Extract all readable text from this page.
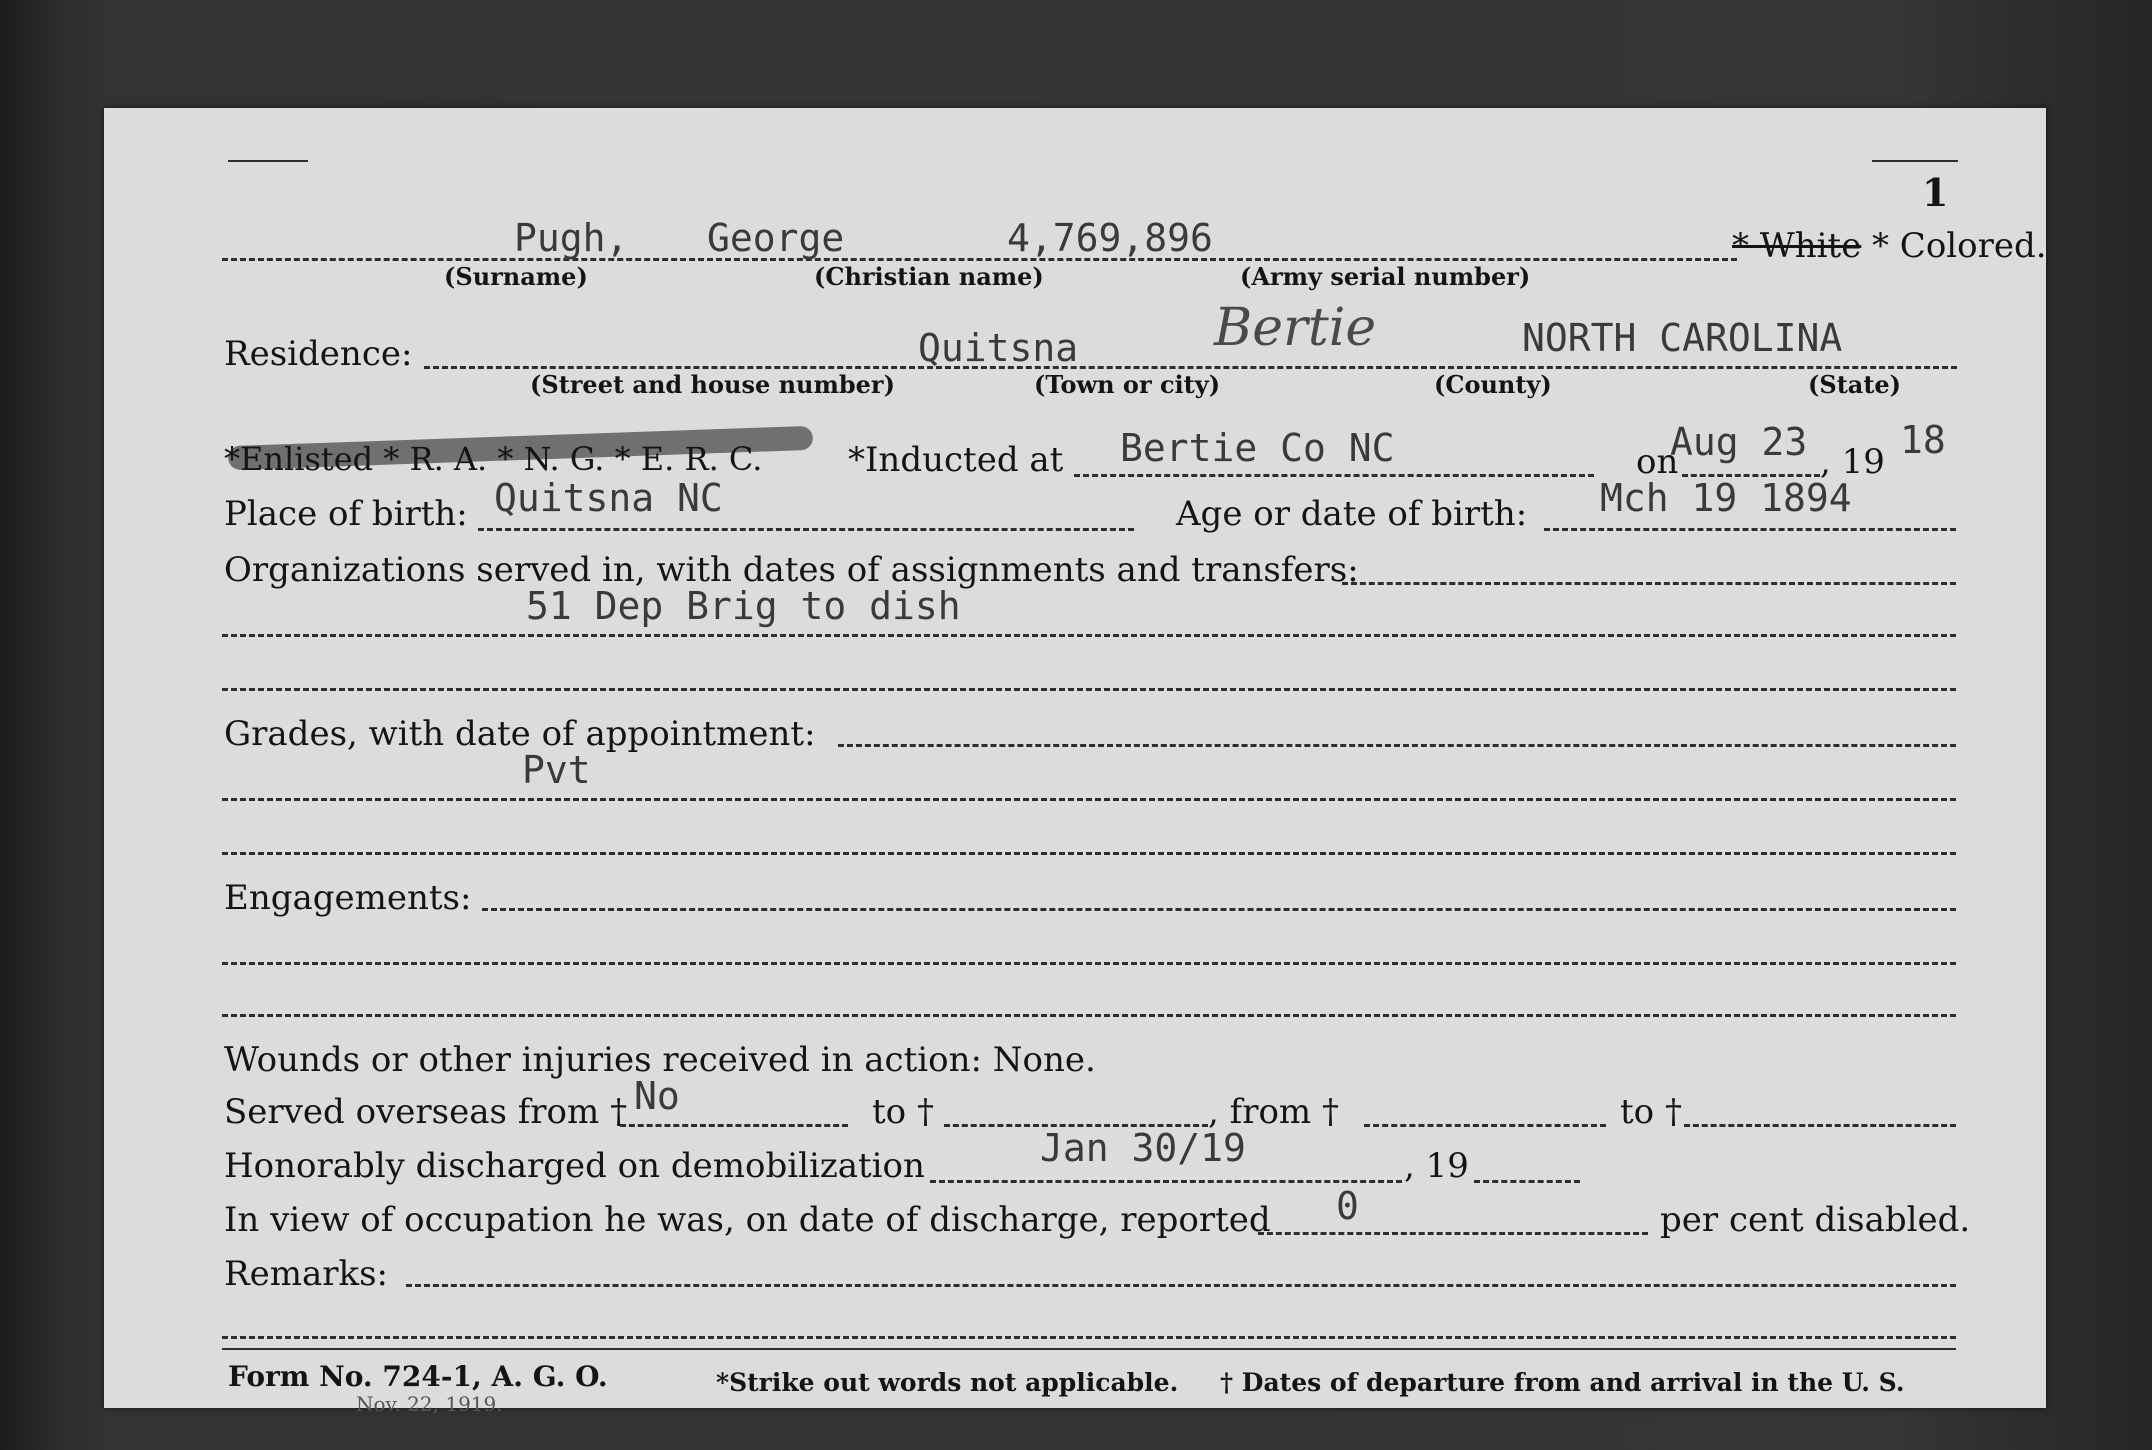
1
Pugh, George	4,769,896	* White * Colored.
(Surname)	(Christian name)	(Army serial number)
Residence:	Quitsna	Bertie	NORTH CAROLINA
(Street and house number)	(Town or city)	(County)	(State)
*Enlisted * R. A. * N. G. * E. R. C.	*Inducted at Bertie Co NC	on
Aug 23 , 19 18
Place of birth: Quitsna NC	Age or date of birth: Mch 19 1894
Organizations served in, with dates of assignments and transfers:
51 Dep Brig to dish
Grades, with date of appointment:
Pvt
Engagements:
Wounds or other injuries received in action: None.
Served overseas from † No	to †	, from †	to †
Honorably discharged on demobilization	Jan 30/19	, 19
In view of occupation he was, on date of discharge, reported 0	per cent disabled.
Remarks:
Form No. 724-1, A. G. O.
Nov. 22, 1919.
*Strike out words not applicable. † Dates of departure from and arrival in the U. S.
